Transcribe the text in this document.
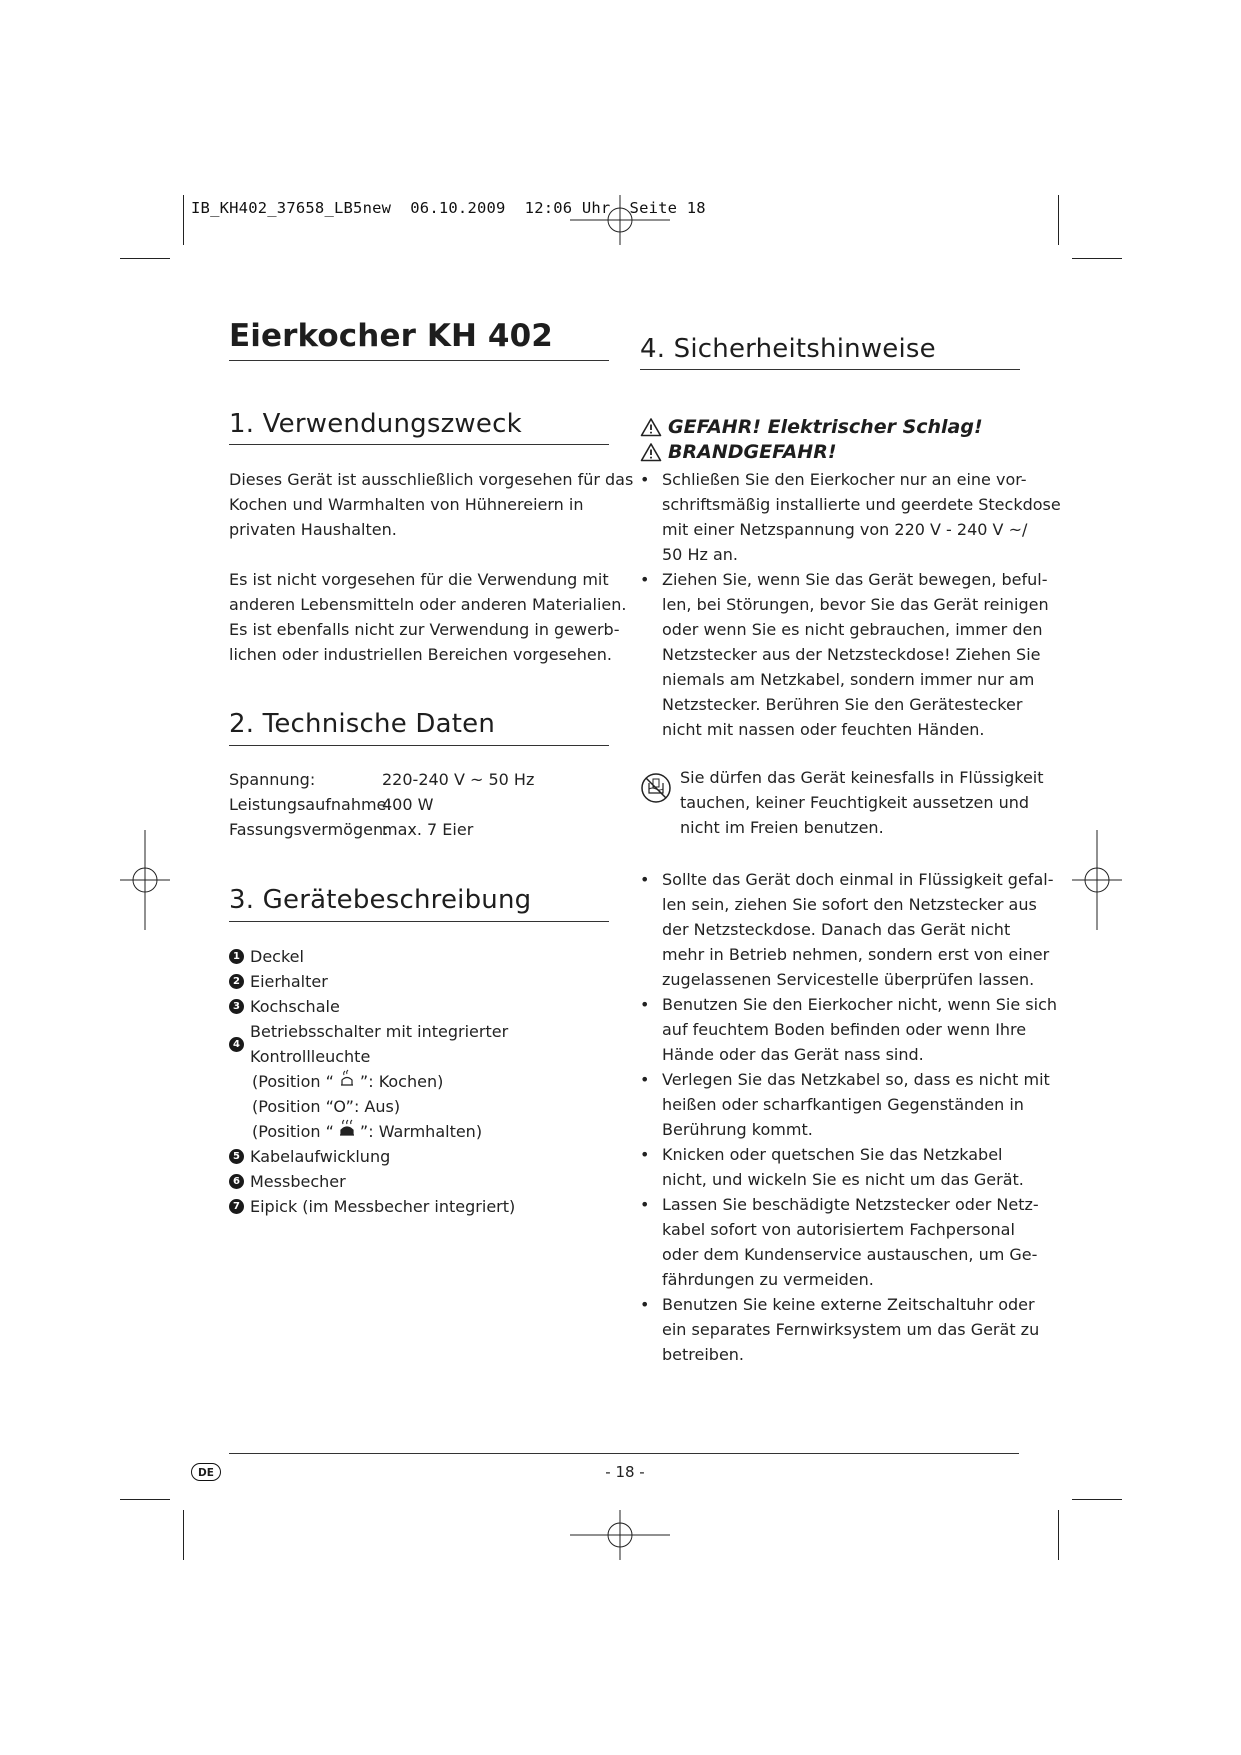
IB_KH402_37658_LB5new 06.10.2009 12:06 Uhr Seite 18
Eierkocher KH 402
1. Verwendungszweck

Dieses Gerät ist ausschließlich vorgesehen für das
Kochen und Warmhalten von Hühnereiern in
privaten Haushalten.

Es ist nicht vorgesehen für die Verwendung mit
anderen Lebensmitteln oder anderen Materialien.
Es ist ebenfalls nicht zur Verwendung in gewerb-
lichen oder industriellen Bereichen vorgesehen.

2. Technische Daten
Spannung:	220-240 V ~ 50 Hz
Leistungsaufnahme:
400 W
Fassungsvermögen:
max. 7 Eier
3. Gerätebeschreibung
1 Deckel
2 Eierhalter
3 Kochschale
4
Betriebsschalter mit integrierter Kontrollleuchte
(Position “ ”: Kochen)
(Position “O”: Aus)
(Position “ ”: Warmhalten)
5 Kabelaufwicklung
6 Messbecher
7 Eipick (im Messbecher integriert)
4. Sicherheitshinweise
GEFAHR! Elektrischer Schlag!
BRANDGEFAHR!
• Schließen Sie den Eierkocher nur an eine vor-
schriftsmäßig installierte und geerdete Steckdose
mit einer Netzspannung von 220 V - 240 V ~/
50 Hz an.
• Ziehen Sie, wenn Sie das Gerät bewegen, beful-
len, bei Störungen, bevor Sie das Gerät reinigen
oder wenn Sie es nicht gebrauchen, immer den
Netzstecker aus der Netzsteckdose! Ziehen Sie
niemals am Netzkabel, sondern immer nur am
Netzstecker. Berühren Sie den Gerätestecker
nicht mit nassen oder feuchten Händen.
Sie dürfen das Gerät keinesfalls in Flüssigkeit
tauchen, keiner Feuchtigkeit aussetzen und
nicht im Freien benutzen.
• Sollte das Gerät doch einmal in Flüssigkeit gefal-
len sein, ziehen Sie sofort den Netzstecker aus
der Netzsteckdose. Danach das Gerät nicht
mehr in Betrieb nehmen, sondern erst von einer
zugelassenen Servicestelle überprüfen lassen.
• Benutzen Sie den Eierkocher nicht, wenn Sie sich
auf feuchtem Boden befinden oder wenn Ihre
Hände oder das Gerät nass sind.
• Verlegen Sie das Netzkabel so, dass es nicht mit
heißen oder scharfkantigen Gegenständen in
Berührung kommt.
• Knicken oder quetschen Sie das Netzkabel
nicht, und wickeln Sie es nicht um das Gerät.
• Lassen Sie beschädigte Netzstecker oder Netz-
kabel sofort von autorisiertem Fachpersonal
oder dem Kundenservice austauschen, um Ge-
fährdungen zu vermeiden.
• Benutzen Sie keine externe Zeitschaltuhr oder
ein separates Fernwirksystem um das Gerät zu
betreiben.
DE	- 18 -
